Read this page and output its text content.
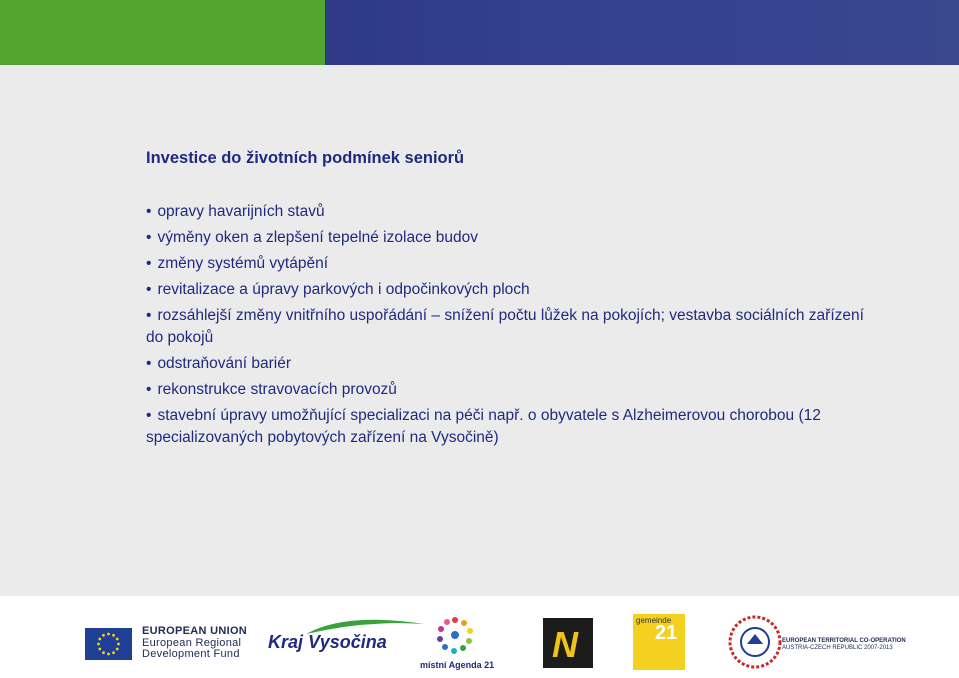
Investice do životních podmínek seniorů
• opravy havarijních stavů
• výměny oken a zlepšení tepelné izolace budov
• změny systémů vytápění
• revitalizace a úpravy parkových i odpočinkových ploch
• rozsáhlejší změny vnitřního uspořádání – snížení počtu lůžek na pokojích; vestavba sociálních zařízení do pokojů
• odstraňování bariér
• rekonstrukce stravovacích provozů
• stavební úpravy umožňující specializaci na péči např. o obyvatele s Alzheimerovou chorobou (12 specializovaných pobytových zařízení na Vysočině)
EUROPEAN UNION
European Regional
Development Fund
Kraj Vysočina
místní Agenda 21 N
gemeinde
21	EUROPEAN TERRITORIAL CO-OPERATION
AUSTRIA-CZECH REPUBLIC 2007-2013
